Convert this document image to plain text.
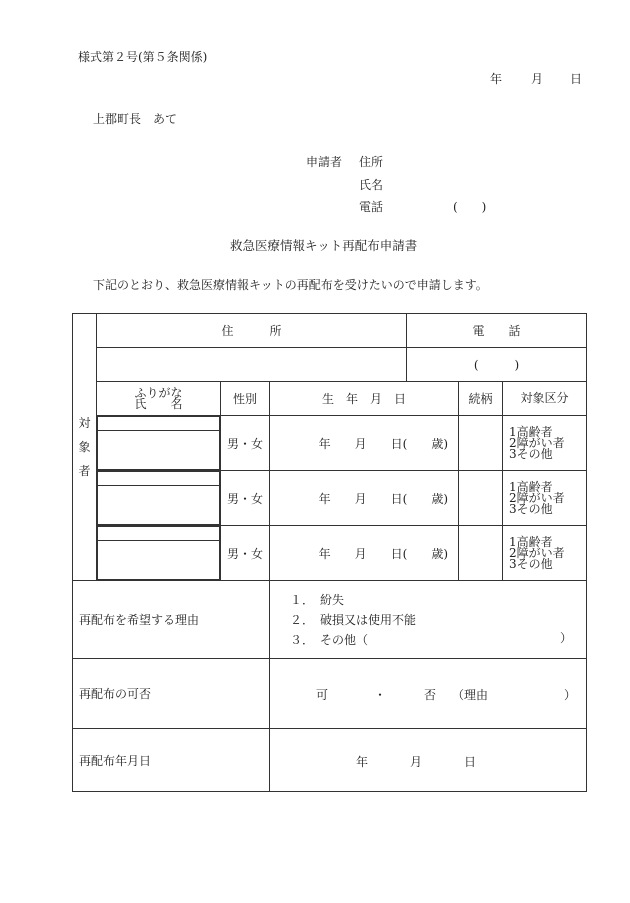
様式第２号(第５条関係)
年 月 日
上郡町長　あて
申請者 住所
氏名
電話	(　　)
救急医療情報キット再配布申請書
下記のとおり、救急医療情報キットの再配布を受けたいので申請します。
対
象
者
	住　　　所	電　　話
	(　　　)

ふりがな
氏　　名	性別	生　年　月　日	続柄	対象区分

	男・女	年　　月　　日(　　歳)		
1高齢者
2障がい者
3その他

	男・女	年　　月　　日(　　歳)		
1高齢者
2障がい者
3その他

	男・女	年　　月　　日(　　歳)		
1高齢者
2障がい者
3その他

再配布を希望する理由	
１．　紛失
２．　破損又は使用不能
３．　その他（	）

再配布の可否	可	・	否 （理由	）

再配布年月日	年	月	日
